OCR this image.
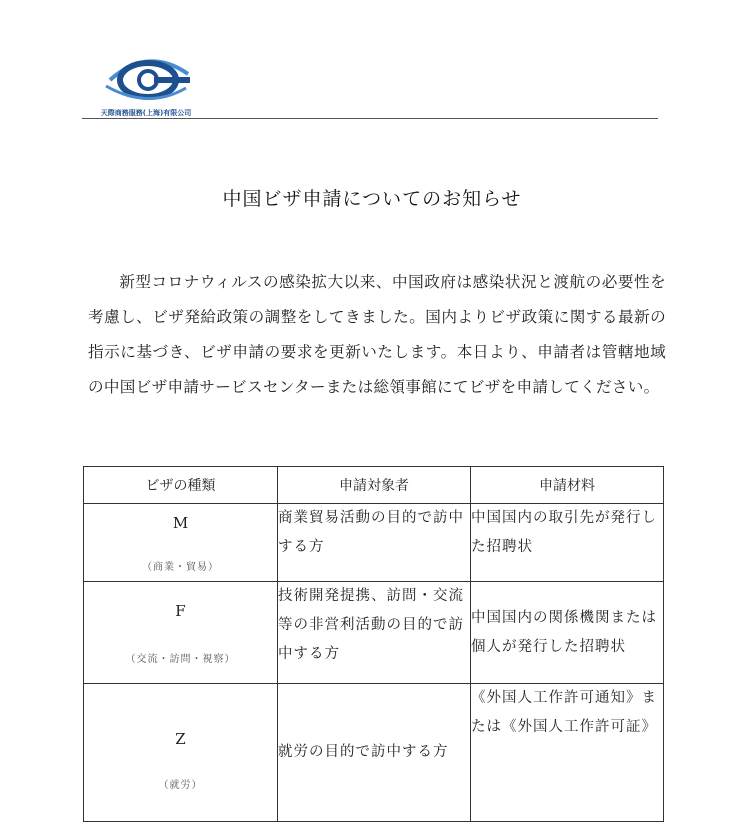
天際商務服務(上海)有限公司
中国ビザ申請についてのお知らせ
新型コロナウィルスの感染拡大以来、中国政府は感染状況と渡航の必要性を考慮し、ビザ発給政策の調整をしてきました。国内よりビザ政策に関する最新の指示に基づき、ビザ申請の要求を更新いたします。本日より、申請者は管轄地域の中国ビザ申請サービスセンターまたは総領事館にてビザを申請してください。
ビザの種類	申請対象者	申請材料

M
（商業・貿易）	商業貿易活動の目的で訪中する方	中国国内の取引先が発行した招聘状

F
（交流・訪問・視察）	技術開発提携、訪問・交流等の非営利活動の目的で訪中する方	中国国内の関係機関または個人が発行した招聘状

Z
（就労）	就労の目的で訪中する方	《外国人工作許可通知》または《外国人工作許可証》
